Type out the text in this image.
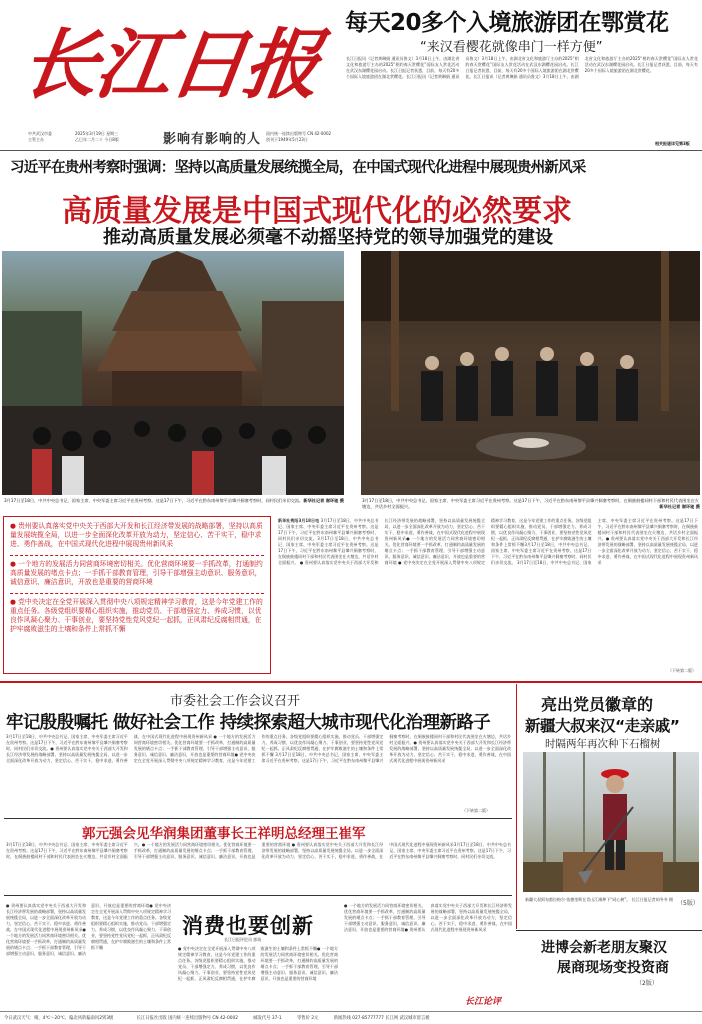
长江日报
中共武汉市委
主管主办
2025年3月19日 星期三
乙巳年二月二十 今日8版	影响有影响的人 国内统一连续出版物号 CN 42-0002
创刊于1949年5月23日
每天20多个入境旅游团在鄂赏花
“来汉看樱花就像串门一样方便”
长江日报讯（记者黄琳娟 通讯员鲁文）3月18日上午，由湖北省文化和旅游厅主办的2025“相约春天赏樱花”国际友人赏花活动在武汉东湖樱花园启动。长江日报记者获悉，目前，每天有20多个国际入境旅游团在湖北赏樱花。长江日报讯（记者黄琳娟 通讯员鲁文）3月18日上午，由湖北省文化和旅游厅主办的2025“相约春天赏樱花”国际友人赏花活动在武汉东湖樱花园启动。长江日报记者获悉，目前，每天有20多个国际入境旅游团在湖北赏樱花。长江日报讯（记者黄琳娟 通讯员鲁文）3月18日上午，由湖北省文化和旅游厅主办的2025“相约春天赏樱花”国际友人赏花活动在武汉东湖樱花园启动。长江日报记者获悉，目前，每天有20多个国际入境旅游团在湖北赏樱花。
相关报道详见第3版
习近平在贵州考察时强调：坚持以高质量发展统揽全局，在中国式现代化进程中展现贵州新风采
高质量发展是中国式现代化的必然要求
推动高质量发展必须毫不动摇坚持党的领导加强党的建设
3月17日至18日，中共中央总书记、国家主席、中央军委主席习近平在贵州考察。这是17日下午，习近平在黔东南州黎平县肇兴侗寨考察时，同村民们亲切交流。 新华社记者 谢环驰 摄	3月17日至18日，中共中央总书记、国家主席、中央军委主席习近平在贵州考察。这是17日下午，习近平在黔东南州黎平县肇兴侗寨考察时，在侗族鼓楼同村干部和村民代表围坐在火塘边，共话乡村全面振兴。	新华社记者 谢环驰 摄
● 贵州要认真落实党中央关于西部大开发和长江经济带发展的战略部署，坚持以高质量发展统揽全局，以进一步全面深化改革开放为动力，坚定信心、苦干实干，稳中求进、勇作善战，在中国式现代化进程中展现贵州新风采
● 一个地方的发展活力同营商环境密切相关。优化营商环境要一手抓改革，打通制约高质量发展的堵点卡点；一手抓干部教育管理，引导干部增强主动意识、服务意识，诚信意识、廉洁意识，开放也是重要的营商环境
● 党中央决定在全党开展深入贯彻中央八项规定精神学习教育，这是今年党建工作的重点任务。各级党组织要精心组织实施，推动党员、干部增强定力、养成习惯，以优良作风凝心聚力、干事创业，要坚持党性党风党纪一起抓，正风肃纪反腐相贯通，在护牢腐败滋生的土壤和条件上常抓不懈
新华社贵阳3月18日电 3月17日至18日，中共中央总书记、国家主席、中央军委主席习近平在贵州考察。这是17日下午，习近平在黔东南州黎平县肇兴侗寨考察时，同村民们亲切交流。3月17日至18日，中共中央总书记、国家主席、中央军委主席习近平在贵州考察。这是17日下午，习近平在黔东南州黎平县肇兴侗寨考察时，在侗族鼓楼同村干部和村民代表围坐在火塘边，共话乡村全面振兴。 ● 贵州要认真落实党中央关于西部大开发和长江经济带发展的战略部署，坚持以高质量发展统揽全局，以进一步全面深化改革开放为动力，坚定信心、苦干实干，稳中求进、勇作善战，在中国式现代化进程中展现贵州新风采● 一个地方的发展活力同营商环境密切相关。优化营商环境要一手抓改革，打通制约高质量发展的堵点卡点；一手抓干部教育管理，引导干部增强主动意识、服务意识，诚信意识、廉洁意识，开放也是重要的营商环境 ● 党中央决定在全党开展深入贯彻中央八项规定精神学习教育，这是今年党建工作的重点任务。各级党组织要精心组织实施，推动党员、干部增强定力、养成习惯，以优良作风凝心聚力、干事创业，要坚持党性党风党纪一起抓，正风肃纪反腐相贯通，在护牢腐败滋生的土壤和条件上常抓不懈3月17日至18日，中共中央总书记、国家主席、中央军委主席习近平在贵州考察。这是17日下午，习近平在黔东南州黎平县肇兴侗寨考察时，同村民们亲切交流。 3月17日至18日，中共中央总书记、国家主席、中央军委主席习近平在贵州考察。这是17日下午，习近平在黔东南州黎平县肇兴侗寨考察时，在侗族鼓楼同村干部和村民代表围坐在火塘边，共话乡村全面振兴。● 贵州要认真落实党中央关于西部大开发和长江经济带发展的战略部署，坚持以高质量发展统揽全局，以进一步全面深化改革开放为动力，坚定信心、苦干实干，稳中求进、勇作善战，在中国式现代化进程中展现贵州新风采
（下转第二版）
市委社会工作会议召开
牢记殷殷嘱托 做好社会工作 持续探索超大城市现代化治理新路子
3月17日至18日，中共中央总书记、国家主席、中央军委主席习近平在贵州考察。这是17日下午，习近平在黔东南州黎平县肇兴侗寨考察时，同村民们亲切交流。● 贵州要认真落实党中央关于西部大开发和长江经济带发展的战略部署，坚持以高质量发展统揽全局，以进一步全面深化改革开放为动力，坚定信心、苦干实干，稳中求进、勇作善战，在中国式现代化进程中展现贵州新风采 ● 一个地方的发展活力同营商环境密切相关。优化营商环境要一手抓改革，打通制约高质量发展的堵点卡点；一手抓干部教育管理，引导干部增强主动意识、服务意识，诚信意识、廉洁意识，开放也是重要的营商环境● 党中央决定在全党开展深入贯彻中央八项规定精神学习教育，这是今年党建工作的重点任务。各级党组织要精心组织实施，推动党员、干部增强定力、养成习惯，以优良作风凝心聚力、干事创业，要坚持党性党风党纪一起抓，正风肃纪反腐相贯通，在护牢腐败滋生的土壤和条件上常抓不懈 3月17日至18日，中共中央总书记、国家主席、中央军委主席习近平在贵州考察。这是17日下午，习近平在黔东南州黎平县肇兴侗寨考察时，在侗族鼓楼同村干部和村民代表围坐在火塘边，共话乡村全面振兴。● 贵州要认真落实党中央关于西部大开发和长江经济带发展的战略部署，坚持以高质量发展统揽全局，以进一步全面深化改革开放为动力，坚定信心、苦干实干，稳中求进、勇作善战，在中国式现代化进程中展现贵州新风采
（下转第二版）
郭元强会见华润集团董事长王祥明总经理王崔军
3月17日至18日，中共中央总书记、国家主席、中央军委主席习近平在贵州考察。这是17日下午，习近平在黔东南州黎平县肇兴侗寨考察时，在侗族鼓楼同村干部和村民代表围坐在火塘边，共话乡村全面振兴。● 一个地方的发展活力同营商环境密切相关。优化营商环境要一手抓改革，打通制约高质量发展的堵点卡点；一手抓干部教育管理，引导干部增强主动意识、服务意识，诚信意识、廉洁意识，开放也是重要的营商环境 ● 贵州要认真落实党中央关于西部大开发和长江经济带发展的战略部署，坚持以高质量发展统揽全局，以进一步全面深化改革开放为动力，坚定信心、苦干实干，稳中求进、勇作善战，在中国式现代化进程中展现贵州新风采3月17日至18日，中共中央总书记、国家主席、中央军委主席习近平在贵州考察。这是17日下午，习近平在黔东南州黎平县肇兴侗寨考察时，同村民们亲切交流。
● 贵州要认真落实党中央关于西部大开发和长江经济带发展的战略部署，坚持以高质量发展统揽全局，以进一步全面深化改革开放为动力，坚定信心、苦干实干，稳中求进、勇作善战，在中国式现代化进程中展现贵州新风采● 一个地方的发展活力同营商环境密切相关。优化营商环境要一手抓改革，打通制约高质量发展的堵点卡点；一手抓干部教育管理，引导干部增强主动意识、服务意识，诚信意识、廉洁意识，开放也是重要的营商环境● 党中央决定在全党开展深入贯彻中央八项规定精神学习教育，这是今年党建工作的重点任务。各级党组织要精心组织实施，推动党员、干部增强定力、养成习惯，以优良作风凝心聚力、干事创业，要坚持党性党风党纪一起抓，正风肃纪反腐相贯通，在护牢腐败滋生的土壤和条件上常抓不懈
消费也要创新
长江日报评论员 郭筑
● 党中央决定在全党开展深入贯彻中央八项规定精神学习教育，这是今年党建工作的重点任务。各级党组织要精心组织实施，推动党员、干部增强定力、养成习惯，以优良作风凝心聚力、干事创业，要坚持党性党风党纪一起抓，正风肃纪反腐相贯通，在护牢腐败滋生的土壤和条件上常抓不懈● 一个地方的发展活力同营商环境密切相关。优化营商环境要一手抓改革，打通制约高质量发展的堵点卡点；一手抓干部教育管理，引导干部增强主动意识、服务意识，诚信意识、廉洁意识，开放也是重要的营商环境
● 一个地方的发展活力同营商环境密切相关。优化营商环境要一手抓改革，打通制约高质量发展的堵点卡点；一手抓干部教育管理，引导干部增强主动意识、服务意识，诚信意识、廉洁意识，开放也是重要的营商环境● 贵州要认真落实党中央关于西部大开发和长江经济带发展的战略部署，坚持以高质量发展统揽全局，以进一步全面深化改革开放为动力，坚定信心、苦干实干，稳中求进、勇作善战，在中国式现代化进程中展现贵州新风采
长江论评
亮出党员徽章的
新疆大叔来汉“走亲戚”
时隔两年再次种下石榴树
新疆大叔阿布都拉帕尔·依德里斯在青山江滩种下“同心树”。 长江日报记者胡冬冬 摄
（5版）
进博会新老朋友聚汉
展商现场变投资商
（2版）
今日武汉天气：晴，4℃～20℃，偏北风转偏南风2到3级	长江日报社出版 国内统一连续出版物号 CN 42-0002	邮发代号 37-1	零售价 2元	新闻热线 027-85777777 长江网 武汉城市留言板
